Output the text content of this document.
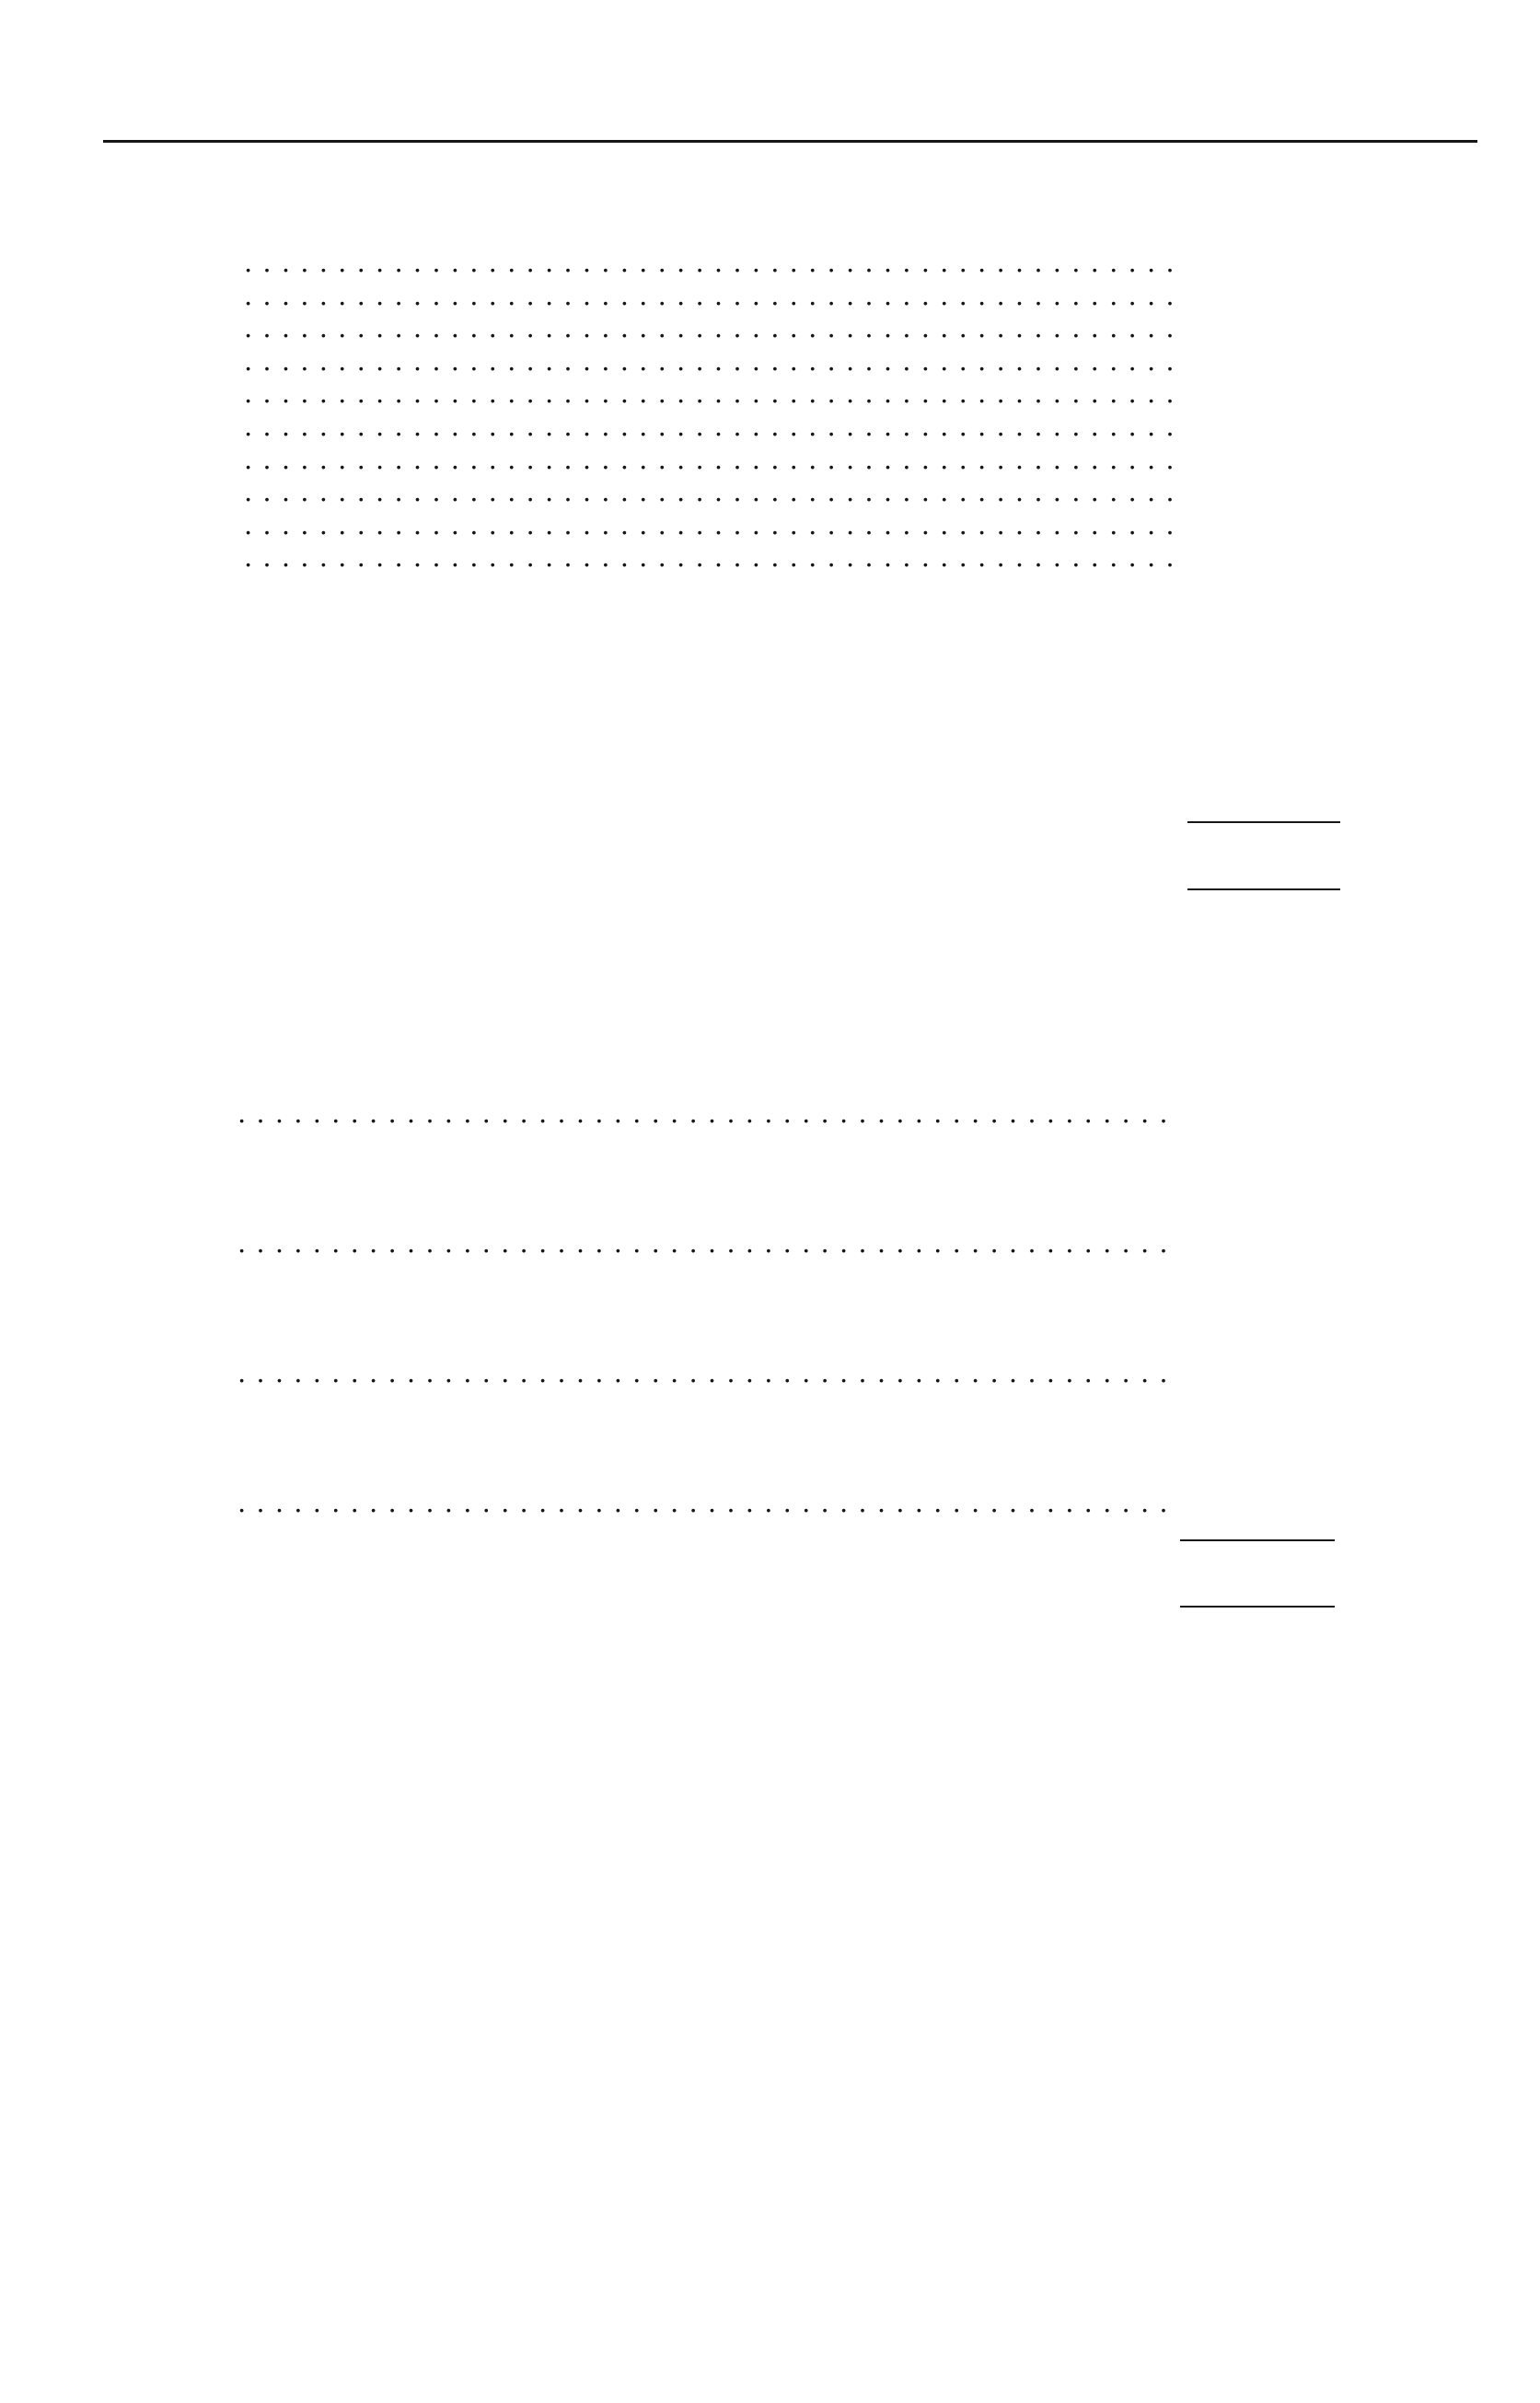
. . .
. . .
. . .
. . .
. . .
. . .
. . .
. . .
. . .
. . .
. . .
. . .
. . .
. . .
